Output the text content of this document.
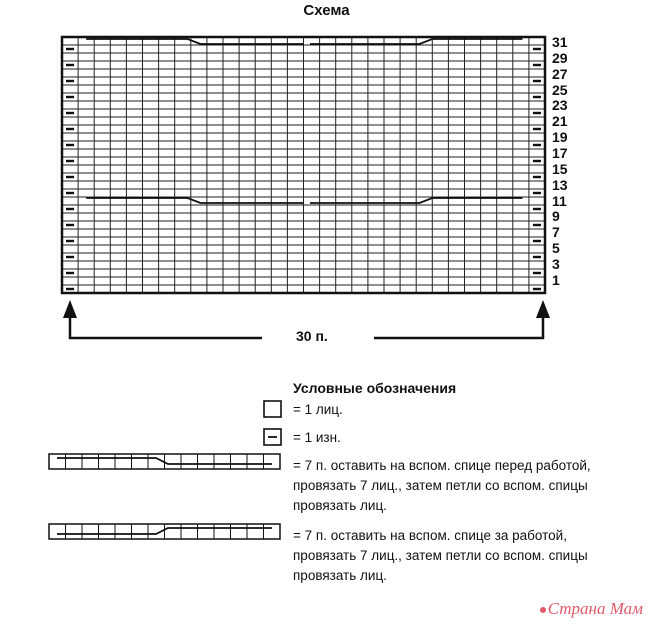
Схема
31
29
27
25
23
21
19
17
15
13
11
9
7
5
3
1
30 п.
Условные обозначения
= 1 лиц.
= 1 изн.
= 7 п. оставить на вспом. спице перед работой, провязать 7 лиц., затем петли со вспом. спицы провязать лиц.
= 7 п. оставить на вспом. спице за работой, провязать 7 лиц., затем петли со вспом. спицы провязать лиц.
Страна Мам
